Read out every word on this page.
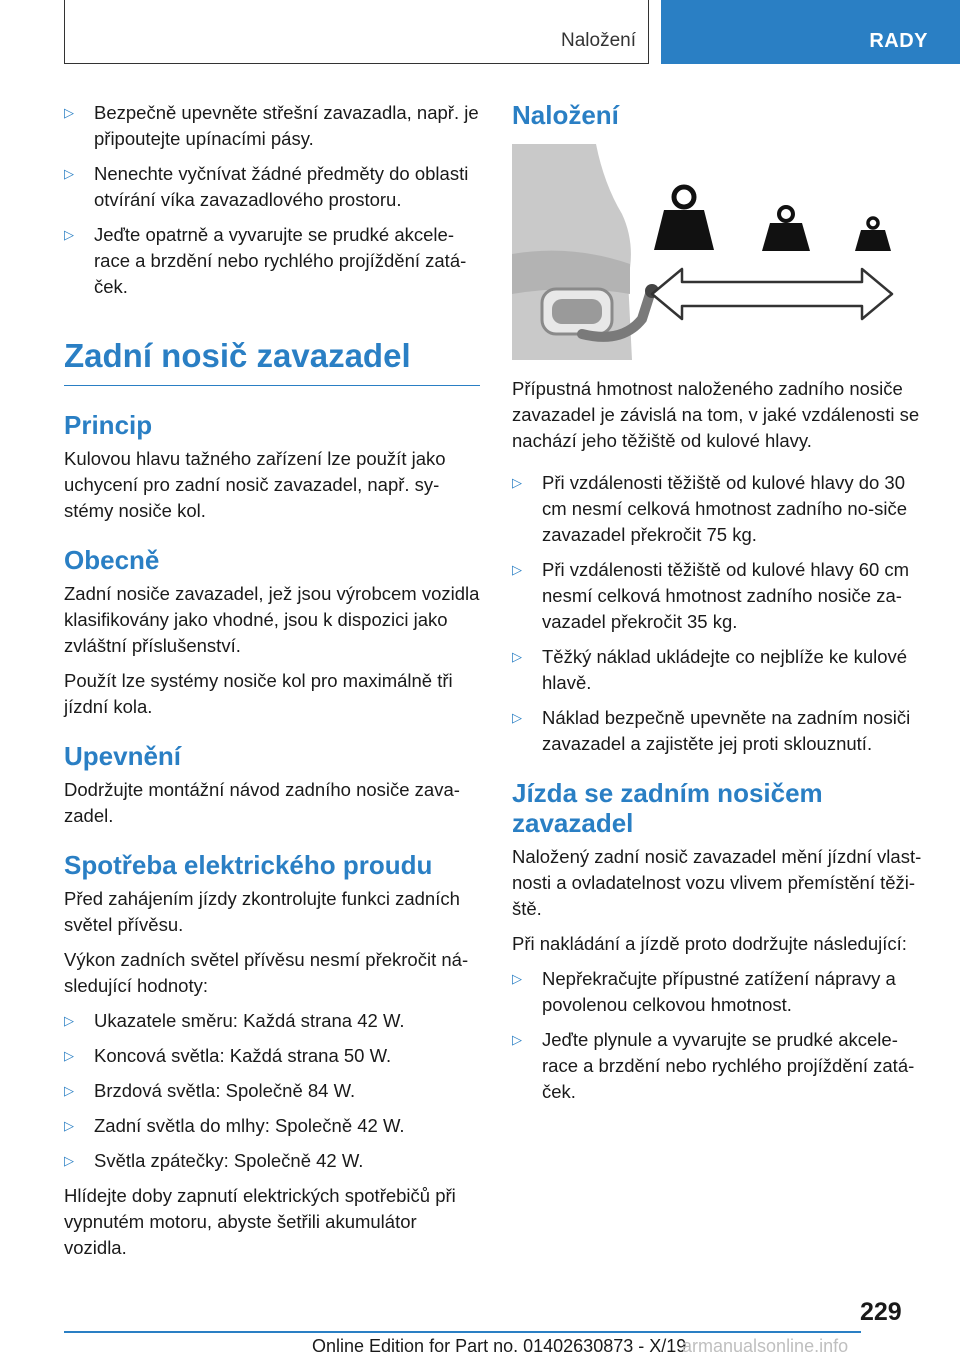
Naložení	RADY
▷ Bezpečně upevněte střešní zavazadla, např. je připoutejte upínacími pásy.
▷ Nenechte vyčnívat žádné předměty do oblasti otvírání víka zavazadlového prostoru.
▷ Jeďte opatrně a vyvarujte se prudké akcele-race a brzdění nebo rychlého projíždění zatá-ček.
Zadní nosič zavazadel
Princip

Kulovou hlavu tažného zařízení lze použít jako uchycení pro zadní nosič zavazadel, např. sy-stémy nosiče kol.

Obecně

Zadní nosiče zavazadel, jež jsou výrobcem vozidla klasifikovány jako vhodné, jsou k dispozici jako zvláštní příslušenství.

Použít lze systémy nosiče kol pro maximálně tři jízdní kola.

Upevnění

Dodržujte montážní návod zadního nosiče zava-zadel.

Spotřeba elektrického proudu

Před zahájením jízdy zkontrolujte funkci zadních světel přívěsu.

Výkon zadních světel přívěsu nesmí překročit ná-sledující hodnoty:

▷ Ukazatele směru: Každá strana 42 W.
▷ Koncová světla: Každá strana 50 W.
▷ Brzdová světla: Společně 84 W.
▷ Zadní světla do mlhy: Společně 42 W.
▷ Světla zpátečky: Společně 42 W.

Hlídejte doby zapnutí elektrických spotřebičů při vypnutém motoru, abyste šetřili akumulátor vozidla.

Naložení

Přípustná hmotnost naloženého zadního nosiče zavazadel je závislá na tom, v jaké vzdálenosti se nachází jeho těžiště od kulové hlavy.

▷ Při vzdálenosti těžiště od kulové hlavy do 30 cm nesmí celková hmotnost zadního no-siče zavazadel překročit 75 kg.
▷ Při vzdálenosti těžiště od kulové hlavy 60 cm nesmí celková hmotnost zadního nosiče za-vazadel překročit 35 kg.
▷ Těžký náklad ukládejte co nejblíže ke kulové hlavě.
▷ Náklad bezpečně upevněte na zadním nosiči zavazadel a zajistěte jej proti sklouznutí.
Jízda se zadním nosičem zavazadel

Naložený zadní nosič zavazadel mění jízdní vlast-nosti a ovladatelnost vozu vlivem přemístění těži-ště.

Při nakládání a jízdě proto dodržujte následující:

▷ Nepřekračujte přípustné zatížení nápravy a povolenou celkovou hmotnost.
▷ Jeďte plynule a vyvarujte se prudké akcele-race a brzdění nebo rychlého projíždění zatá-ček.
229
Online Edition for Part no. 01402630873 - X/19
armanualsonline.info
